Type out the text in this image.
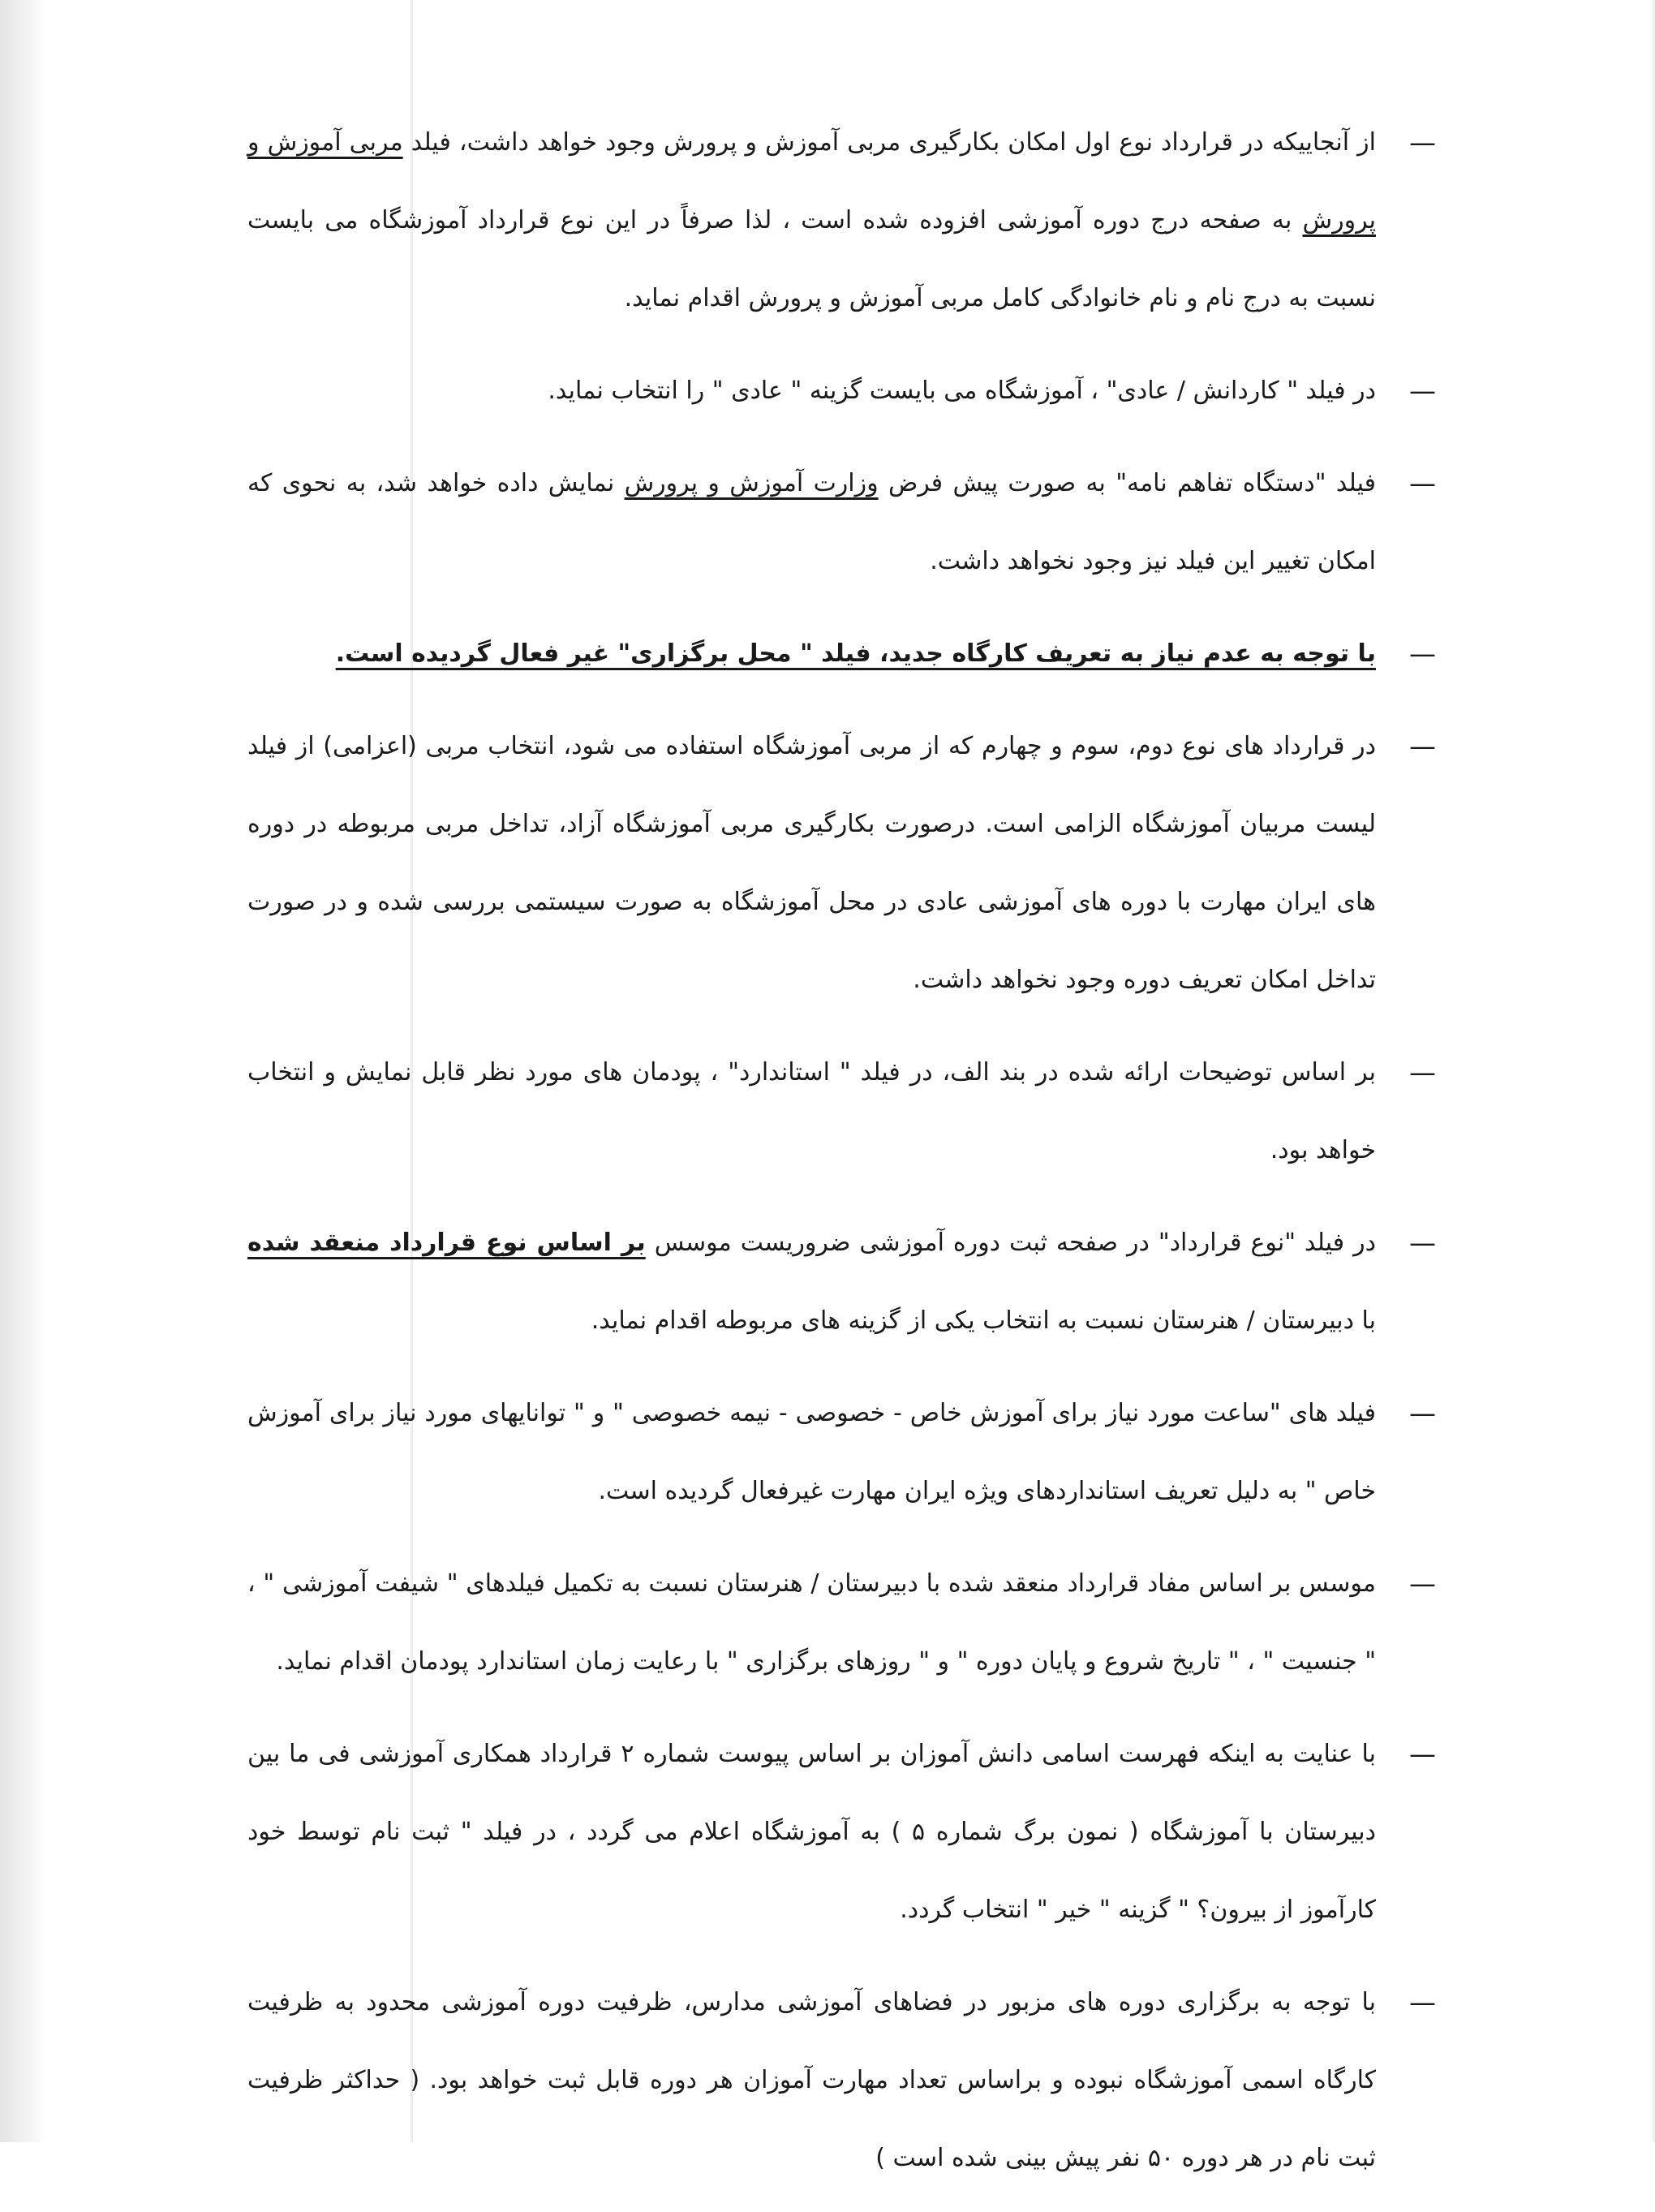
—

از آنجاییکه در قرارداد نوع اول امکان بکارگیری مربی آموزش و پرورش وجود خواهد داشت، فیلد مربی آموزش و پرورش به صفحه درج دوره آموزشی افزوده شده است ، لذا صرفاً در این نوع قرارداد آموزشگاه می بایست نسبت به درج نام و نام خانوادگی کامل مربی آموزش و پرورش اقدام نماید.

—

در فیلد " کاردانش / عادی" ، آموزشگاه می بایست گزینه " عادی " را انتخاب نماید.

—

فیلد "دستگاه تفاهم نامه" به صورت پیش فرض وزارت آموزش و پرورش نمایش داده خواهد شد، به نحوی که امکان تغییر این فیلد نیز وجود نخواهد داشت.

—

با توجه به عدم نیاز به تعریف کارگاه جدید، فیلد " محل برگزاری" غیر فعال گردیده است.

—

در قرارداد های نوع دوم، سوم و چهارم که از مربی آموزشگاه استفاده می شود، انتخاب مربی (اعزامی) از فیلد لیست مربیان آموزشگاه الزامی است. درصورت بکارگیری مربی آموزشگاه آزاد، تداخل مربی مربوطه در دوره های ایران مهارت با دوره های آموزشی عادی در محل آموزشگاه به صورت سیستمی بررسی شده و در صورت تداخل امکان تعریف دوره وجود نخواهد داشت.

—

بر اساس توضیحات ارائه شده در بند الف، در فیلد " استاندارد" ، پودمان های مورد نظر قابل نمایش و انتخاب خواهد بود.

—

در فیلد "نوع قرارداد" در صفحه ثبت دوره آموزشی ضروریست موسس بر اساس نوع قرارداد منعقد شده با دبیرستان / هنرستان نسبت به انتخاب یکی از گزینه های مربوطه اقدام نماید.

—

فیلد های "ساعت مورد نیاز برای آموزش خاص - خصوصی - نیمه خصوصی " و " توانایهای مورد نیاز برای آموزش خاص " به دلیل تعریف استانداردهای ویژه ایران مهارت غیرفعال گردیده است.

—

موسس بر اساس مفاد قرارداد منعقد شده با دبیرستان / هنرستان نسبت به تکمیل فیلدهای " شیفت آموزشی " ، " جنسیت " ، " تاریخ شروع و پایان دوره " و " روزهای برگزاری " با رعایت زمان استاندارد پودمان اقدام نماید.

—

با عنایت به اینکه فهرست اسامی دانش آموزان بر اساس پیوست شماره ۲ قرارداد همکاری آموزشی فی ما بین دبیرستان با آموزشگاه ( نمون برگ شماره ۵ ) به آموزشگاه اعلام می گردد ، در فیلد " ثبت نام توسط خود کارآموز از بیرون؟ " گزینه " خیر " انتخاب گردد.

—

با توجه به برگزاری دوره های مزبور در فضاهای آموزشی مدارس، ظرفیت دوره آموزشی محدود به ظرفیت کارگاه اسمی آموزشگاه نبوده و براساس تعداد مهارت آموزان هر دوره قابل ثبت خواهد بود. ( حداکثر ظرفیت ثبت نام در هر دوره ۵۰ نفر پیش بینی شده است )
